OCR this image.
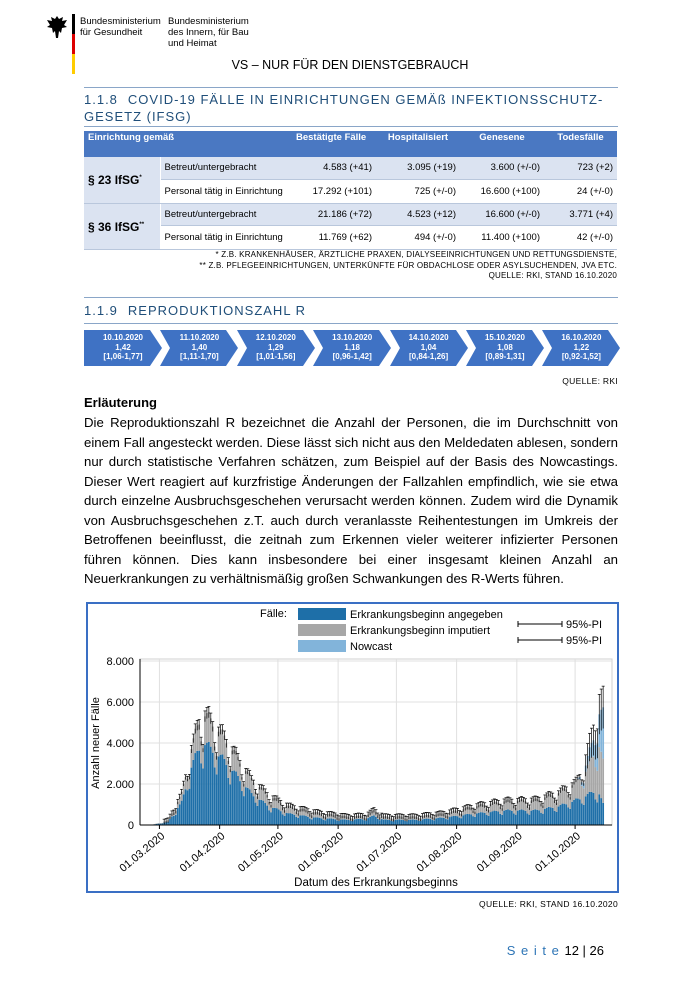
Bundesministerium
für Gesundheit
Bundesministerium
des Innern, für Bau
und Heimat
VS – NUR FÜR DEN DIENSTGEBRAUCH
1.1.8 COVID-19 FÄLLE IN EINRICHTUNGEN GEMÄß INFEKTIONSSCHUTZ-
GESETZ (IFSG)
Einrichtung gemäß		Bestätigte Fälle	Hospitalisiert	Genesene	Todesfälle
§ 23 IfSG*	Betreut/untergebracht	4.583 (+41)	3.095 (+19)	3.600 (+/-0)	723 (+2)
	Personal tätig in Einrichtung	17.292 (+101)	725 (+/-0)	16.600 (+100)	24 (+/-0)
§ 36 IfSG**	Betreut/untergebracht	21.186 (+72)	4.523 (+12)	16.600 (+/-0)	3.771 (+4)
	Personal tätig in Einrichtung	11.769 (+62)	494 (+/-0)	11.400 (+100)	42 (+/-0)
* Z.B. KRANKENHÄUSER, ÄRZTLICHE PRAXEN, DIALYSEEINRICHTUNGEN UND RETTUNGSDIENSTE,
** Z.B. PFLEGEEINRICHTUNGEN, UNTERKÜNFTE FÜR OBDACHLOSE ODER ASYLSUCHENDEN, JVA ETC.
QUELLE: RKI, STAND 16.10.2020
1.1.9 REPRODUKTIONSZAHL R
10.10.2020
1,42
[1,06-1,77]
11.10.2020
1,40
[1,11-1,70]
12.10.2020
1,29
[1,01-1,56]
13.10.2020
1,18
[0,96-1,42]
14.10.2020
1,04
[0,84-1,26]
15.10.2020
1,08
[0,89-1,31]
16.10.2020
1,22
[0,92-1,52]
QUELLE: RKI
Erläuterung
Die Reproduktionszahl R bezeichnet die Anzahl der Personen, die im Durchschnitt von einem Fall angesteckt werden. Diese lässt sich nicht aus den Meldedaten ablesen, sondern nur durch statistische Verfahren schätzen, zum Beispiel auf der Basis des Nowcastings. Dieser Wert reagiert auf kurzfristige Änderungen der Fallzahlen empfindlich, wie sie etwa durch einzelne Ausbruchsgeschehen verursacht werden können. Zudem wird die Dynamik von Ausbruchsgeschehen z.T. auch durch veranlasste Reihentestungen im Umkreis der Betroffenen beeinflusst, die zeitnah zum Erkennen vieler weiterer infizierter Personen führen können. Dies kann insbesondere bei einer insgesamt kleinen Anzahl an Neuerkrankungen zu verhältnismäßig großen Schwankungen des R-Werts führen.
0
2.000
4.000
6.000
8.000
01.03.2020 01.04.2020 01.05.2020 01.06.2020 01.07.2020 01.08.2020 01.09.2020 01.10.2020
Anzahl neuer Fälle
Datum des Erkrankungsbeginns
Fälle:	Erkrankungsbeginn angegeben
Erkrankungsbeginn imputiert
Nowcast
95%-PI
95%-PI
QUELLE: RKI, STAND 16.10.2020
S e i t e 12 | 26
